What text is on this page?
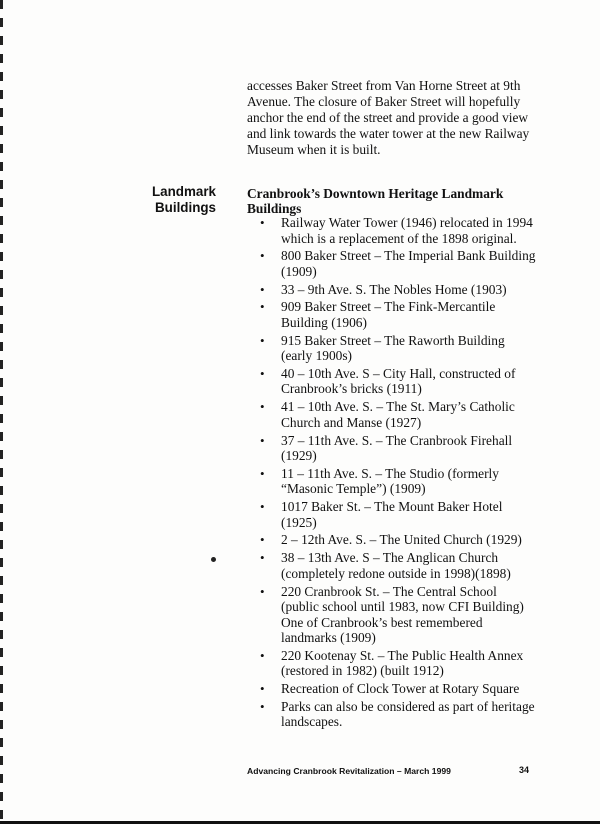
accesses Baker Street from Van Horne Street at 9th
Avenue. The closure of Baker Street will hopefully
anchor the end of the street and provide a good view
and link towards the water tower at the new Railway
Museum when it is built.
Landmark
Buildings
Cranbrook’s Downtown Heritage Landmark
Buildings
• Railway Water Tower (1946) relocated in 1994
which is a replacement of the 1898 original.
• 800 Baker Street – The Imperial Bank Building
(1909)
• 33 – 9th Ave. S. The Nobles Home (1903)
• 909 Baker Street – The Fink-Mercantile
Building (1906)
• 915 Baker Street – The Raworth Building
(early 1900s)
• 40 – 10th Ave. S – City Hall, constructed of
Cranbrook’s bricks (1911)
• 41 – 10th Ave. S. – The St. Mary’s Catholic
Church and Manse (1927)
• 37 – 11th Ave. S. – The Cranbrook Firehall
(1929)
• 11 – 11th Ave. S. – The Studio (formerly
“Masonic Temple”) (1909)
• 1017 Baker St. – The Mount Baker Hotel
(1925)
• 2 – 12th Ave. S. – The United Church (1929)
• 38 – 13th Ave. S – The Anglican Church
(completely redone outside in 1998)(1898)
• 220 Cranbrook St. – The Central School
(public school until 1983, now CFI Building)
One of Cranbrook’s best remembered
landmarks (1909)
• 220 Kootenay St. – The Public Health Annex
(restored in 1982) (built 1912)
• Recreation of Clock Tower at Rotary Square
• Parks can also be considered as part of heritage
landscapes.
Advancing Cranbrook Revitalization – March 1999	34
